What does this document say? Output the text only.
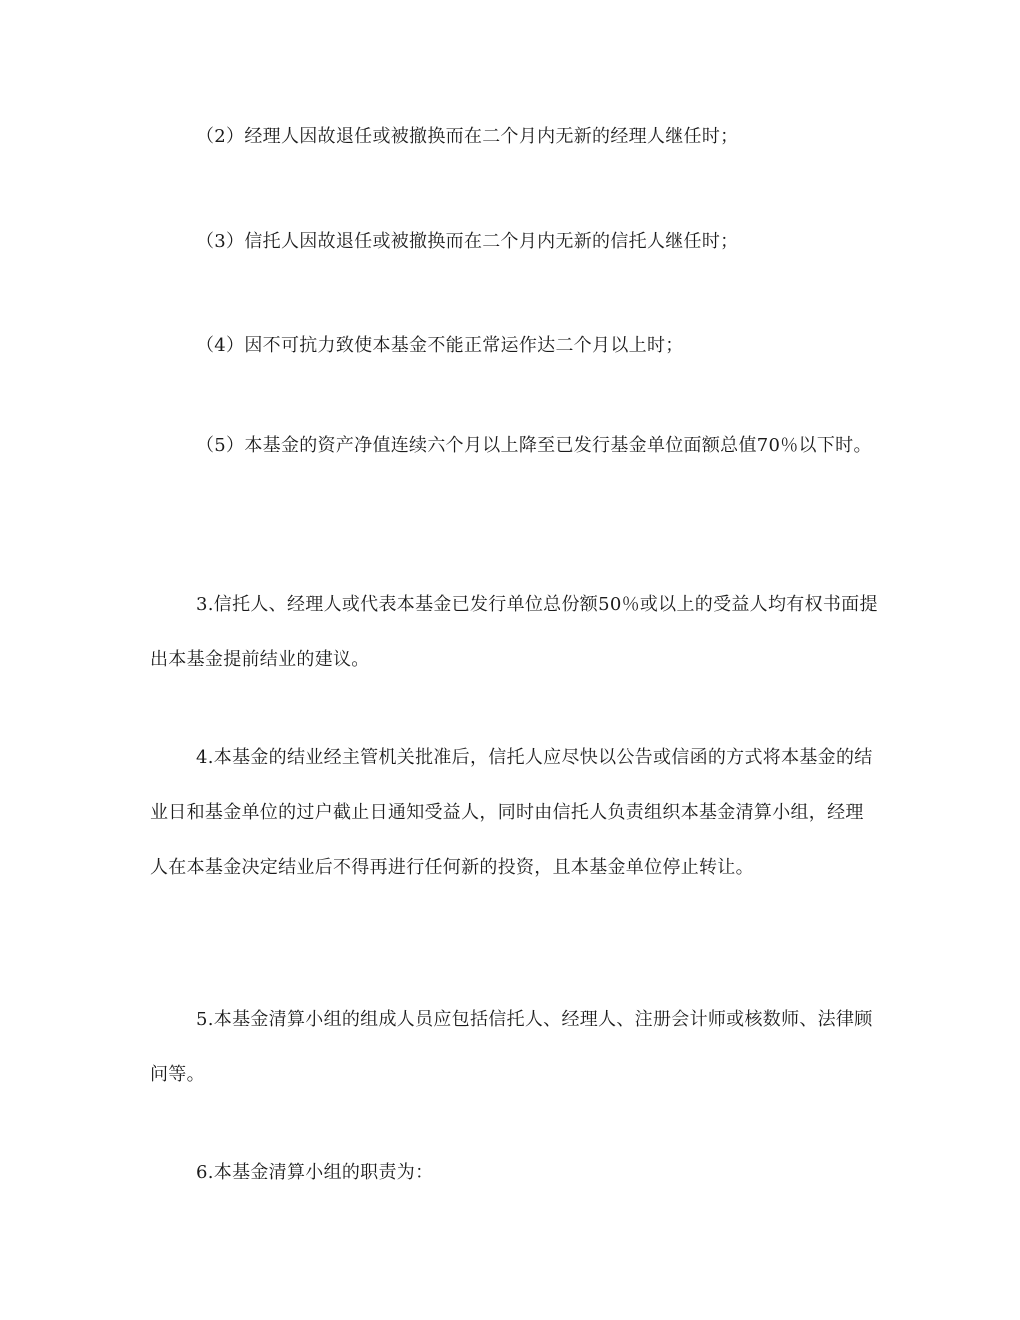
（2）经理人因故退任或被撤换而在二个月内无新的经理人继任时；

（3）信托人因故退任或被撤换而在二个月内无新的信托人继任时；

（4）因不可抗力致使本基金不能正常运作达二个月以上时；

（5）本基金的资产净值连续六个月以上降至已发行基金单位面额总值70％以下时。

3.信托人、经理人或代表本基金已发行单位总份额50％或以上的受益人均有权书面提出本基金提前结业的建议。

4.本基金的结业经主管机关批准后，信托人应尽快以公告或信函的方式将本基金的结业日和基金单位的过户截止日通知受益人，同时由信托人负责组织本基金清算小组，经理人在本基金决定结业后不得再进行任何新的投资，且本基金单位停止转让。

5.本基金清算小组的组成人员应包括信托人、经理人、注册会计师或核数师、法律顾问等。

6.本基金清算小组的职责为：
